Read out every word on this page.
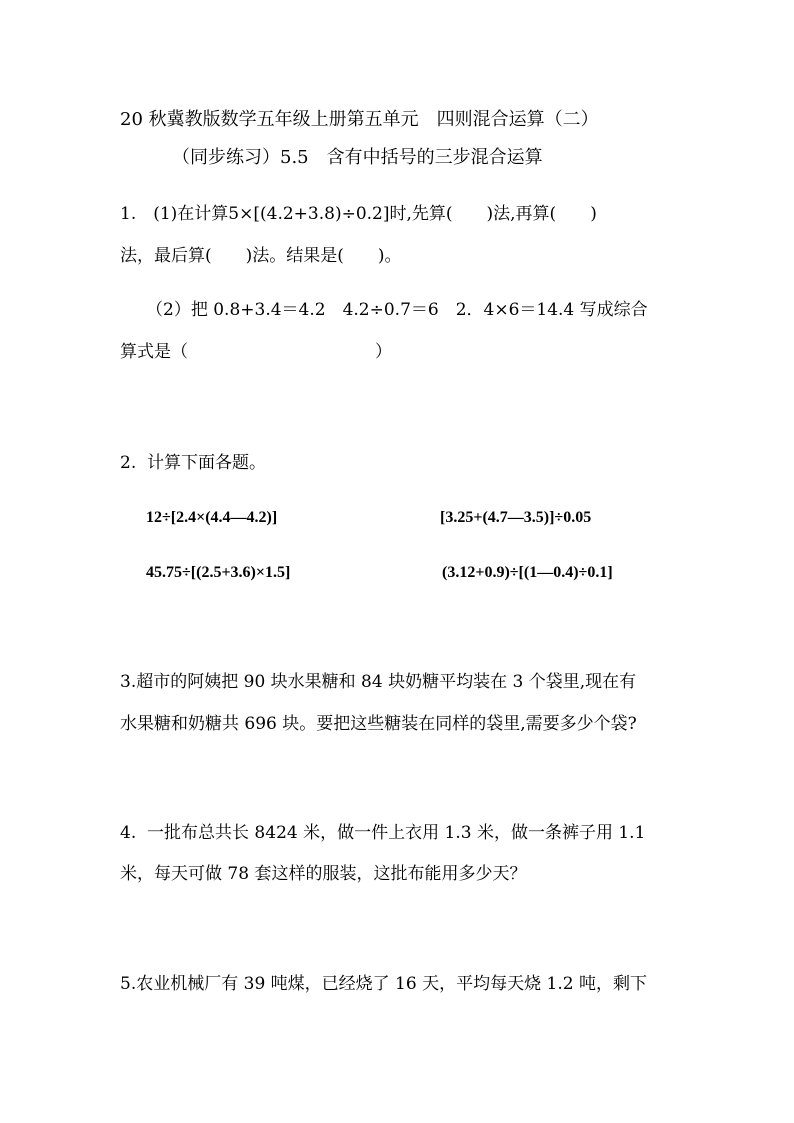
20 秋冀教版数学五年级上册第五单元　四则混合运算（二）
（同步练习）5.5　含有中括号的三步混合运算
1.　(1)在计算5×[(4.2+3.8)÷0.2]时,先算(　　)法,再算(　　)
法，最后算(　　)法。结果是(　　)。
（2）把 0.8+3.4＝4.2　4.2÷0.7＝6　2．4×6＝14.4 写成综合
算式是（　　　　　　　　　　　）
2.  计算下面各题。
12÷[2.4×(4.4—4.2)]	[3.25+(4.7—3.5)]÷0.05
45.75÷[(2.5+3.6)×1.5]	(3.12+0.9)÷[(1—0.4)÷0.1]
3.超市的阿姨把 90 块水果糖和 84 块奶糖平均装在 3 个袋里,现在有
水果糖和奶糖共 696 块。要把这些糖装在同样的袋里,需要多少个袋?
4.  一批布总共长 8424 米，做一件上衣用 1.3 米，做一条裤子用 1.1
米，每天可做 78 套这样的服装，这批布能用多少天？
5.农业机械厂有 39 吨煤，已经烧了 16 天，平均每天烧 1.2 吨，剩下
